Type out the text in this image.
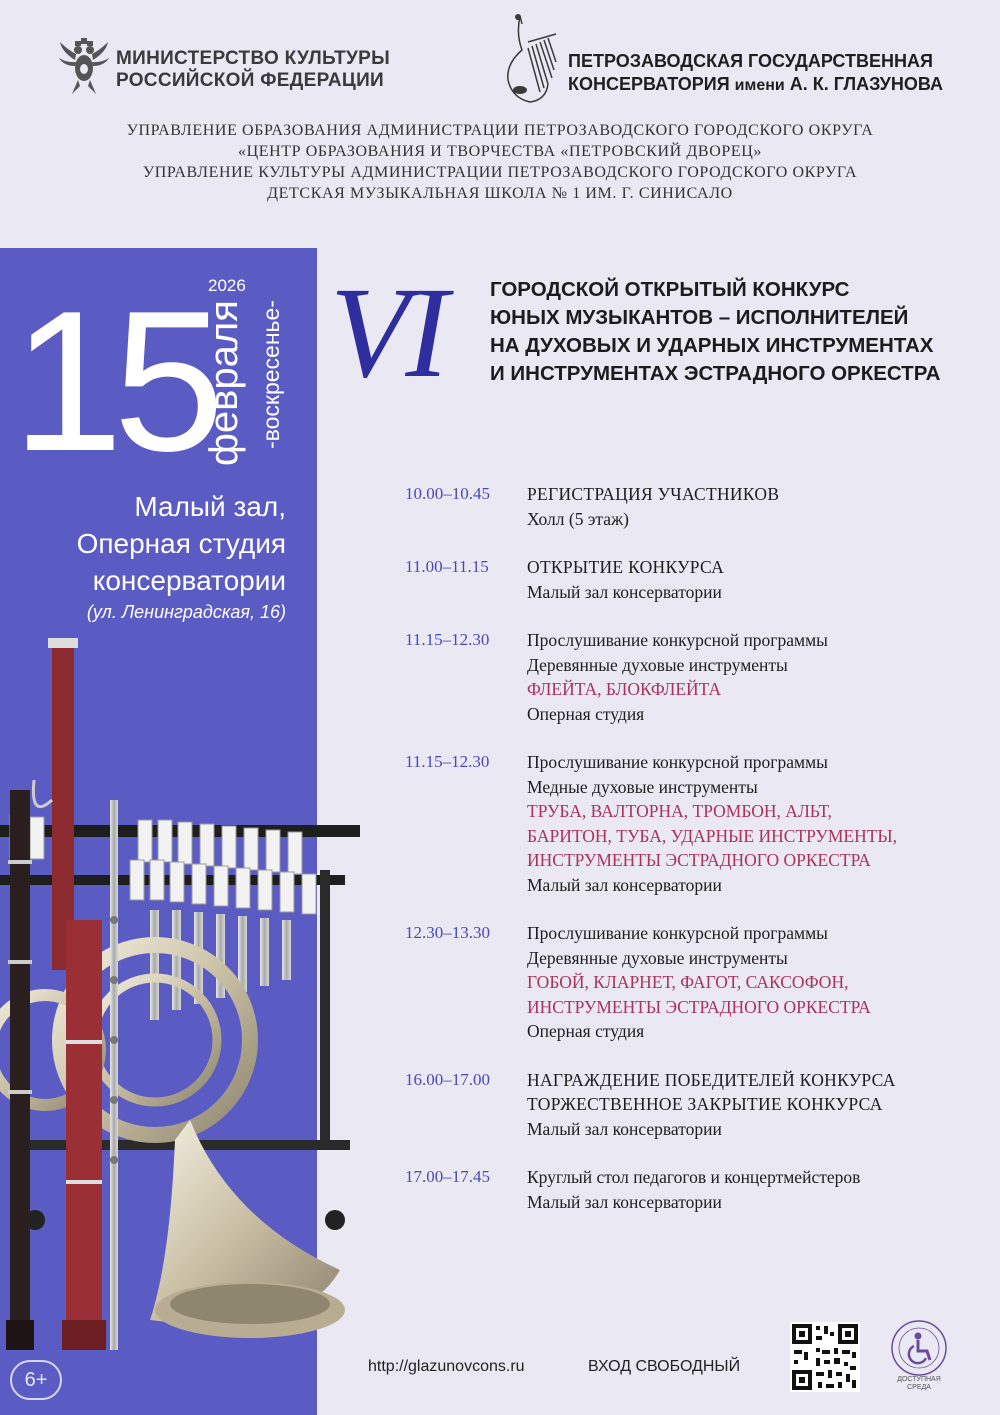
МИНИСТЕРСТВО КУЛЬТУРЫ
РОССИЙСКОЙ ФЕДЕРАЦИИ
ПЕТРОЗАВОДСКАЯ ГОСУДАРСТВЕННАЯ
КОНСЕРВАТОРИЯ имени А. К. ГЛАЗУНОВА
УПРАВЛЕНИЕ ОБРАЗОВАНИЯ АДМИНИСТРАЦИИ ПЕТРОЗАВОДСКОГО ГОРОДСКОГО ОКРУГА
«ЦЕНТР ОБРАЗОВАНИЯ И ТВОРЧЕСТВА «ПЕТРОВСКИЙ ДВОРЕЦ»
УПРАВЛЕНИЕ КУЛЬТУРЫ АДМИНИСТРАЦИИ ПЕТРОЗАВОДСКОГО ГОРОДСКОГО ОКРУГА
ДЕТСКАЯ МУЗЫКАЛЬНАЯ ШКОЛА № 1 ИМ. Г. СИНИСАЛО
15
2026
февраля -воскресенье-
Малый зал,
Оперная студия
консерватории
(ул. Ленинградская, 16)
VI ГОРОДСКОЙ ОТКРЫТЫЙ КОНКУРС
ЮНЫХ МУЗЫКАНТОВ – ИСПОЛНИТЕЛЕЙ
НА ДУХОВЫХ И УДАРНЫХ ИНСТРУМЕНТАХ
И ИНСТРУМЕНТАХ ЭСТРАДНОГО ОРКЕСТРА
10.00–10.45	РЕГИСТРАЦИЯ УЧАСТНИКОВ
Холл (5 этаж)
11.00–11.15	ОТКРЫТИЕ КОНКУРСА
Малый зал консерватории
11.15–12.30	Прослушивание конкурсной программы
Деревянные духовые инструменты
ФЛЕЙТА, БЛОКФЛЕЙТА
Оперная студия
11.15–12.30	Прослушивание конкурсной программы
Медные духовые инструменты
ТРУБА, ВАЛТОРНА, ТРОМБОН, АЛЬТ,
БАРИТОН, ТУБА, УДАРНЫЕ ИНСТРУМЕНТЫ,
ИНСТРУМЕНТЫ ЭСТРАДНОГО ОРКЕСТРА
Малый зал консерватории
12.30–13.30	Прослушивание конкурсной программы
Деревянные духовые инструменты
ГОБОЙ, КЛАРНЕТ, ФАГОТ, САКСОФОН,
ИНСТРУМЕНТЫ ЭСТРАДНОГО ОРКЕСТРА
Оперная студия
16.00–17.00	НАГРАЖДЕНИЕ ПОБЕДИТЕЛЕЙ КОНКУРСА
ТОРЖЕСТВЕННОЕ ЗАКРЫТИЕ КОНКУРСА
Малый зал консерватории
17.00–17.45	Круглый стол педагогов и концертмейстеров
Малый зал консерватории
6+
http://glazunovcons.ru	ВХОД СВОБОДНЫЙ
ДОСТУПНАЯ
СРЕДА
